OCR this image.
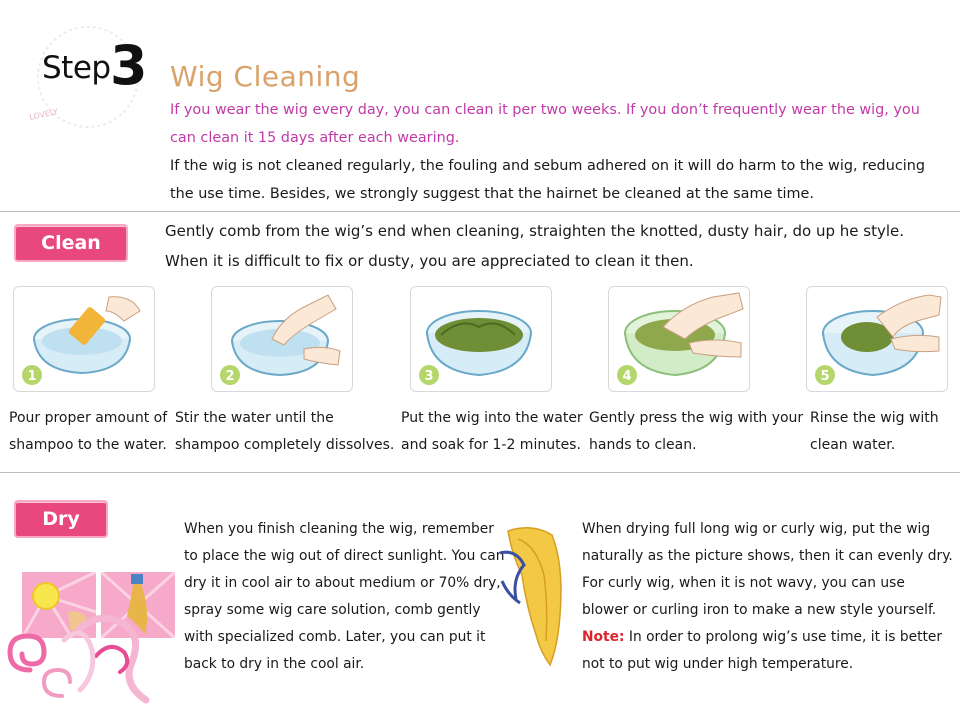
LOVELY
Step 3 Wig Cleaning
If you wear the wig every day, you can clean it per two weeks. If you don’t frequently wear the wig, you can clean it 15 days after each wearing.
If the wig is not cleaned regularly, the fouling and sebum adhered on it will do harm to the wig, reducing the use time. Besides, we strongly suggest that the hairnet be cleaned at the same time.
Clean
Gently comb from the wig’s end when cleaning, straighten the knotted, dusty hair, do up he style. When it is difficult to fix or dusty, you are appreciated to clean it then.
1	2	3	4	5
Pour proper amount of shampoo to the water.
Stir the water until the shampoo completely dissolves.
Put the wig into the water and soak for 1-2 minutes.
Gently press the wig with your hands to clean.
Rinse the wig with clean water.
Dry	When you finish cleaning the wig, remember to place the wig out of direct sunlight. You can dry it in cool air to about medium or 70% dry, spray some wig care solution, comb gently with specialized comb. Later, you can put it back to dry in the cool air.
When drying full long wig or curly wig, put the wig naturally as the picture shows, then it can evenly dry. For curly wig, when it is not wavy, you can use blower or curling iron to make a new style yourself. Note: In order to prolong wig’s use time, it is better not to put wig under high temperature.
